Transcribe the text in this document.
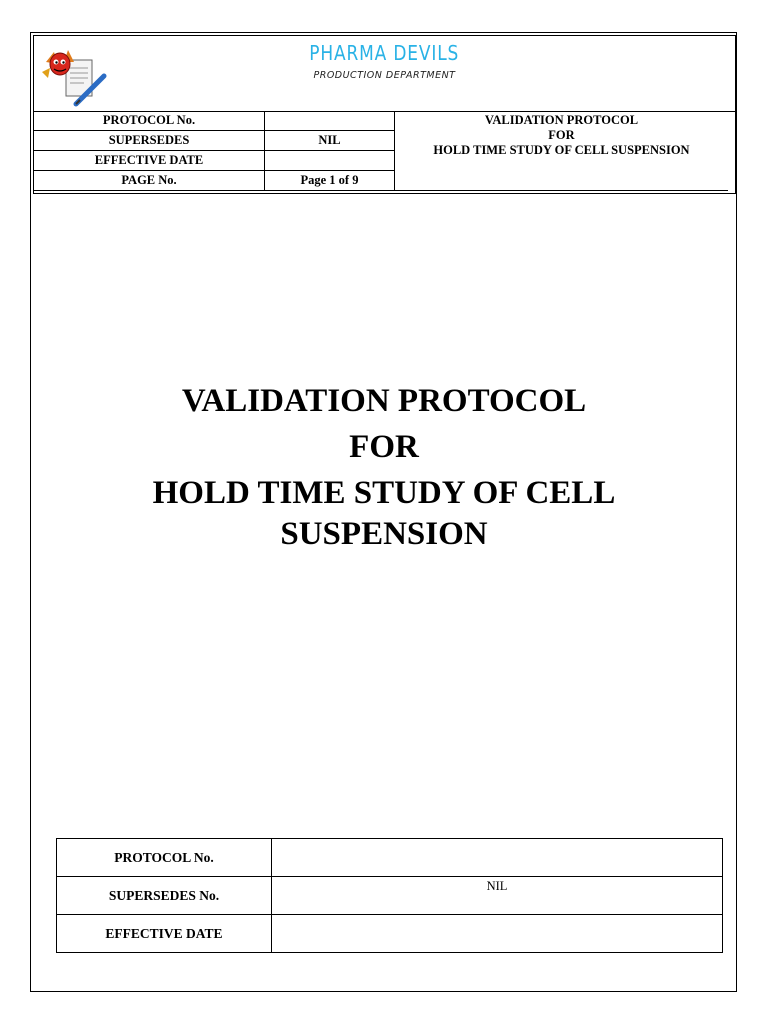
PHARMA DEVILS
PRODUCTION DEPARTMENT
PROTOCOL No.		VALIDATION PROTOCOL
FOR
HOLD TIME STUDY OF CELL SUSPENSION

SUPERSEDES	NIL	
EFFECTIVE DATE		
PAGE No.	Page 1 of 9	
VALIDATION PROTOCOL
FOR
HOLD TIME STUDY OF CELL
SUSPENSION
PROTOCOL No.	
SUPERSEDES No.	NIL
EFFECTIVE DATE	
